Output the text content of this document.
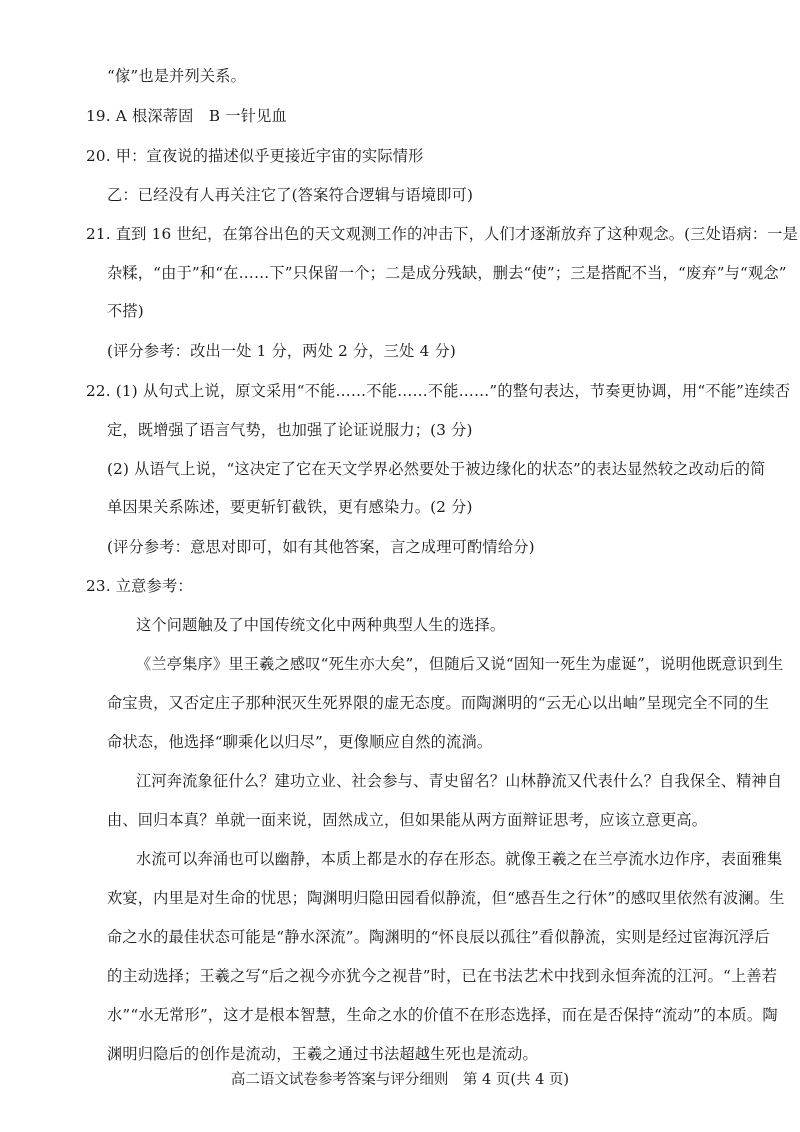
“傢”也是并列关系。
19. A 根深蒂固　B 一针见血
20. 甲：宣夜说的描述似乎更接近宇宙的实际情形
乙：已经没有人再关注它了(答案符合逻辑与语境即可)
21. 直到 16 世纪，在第谷出色的天文观测工作的冲击下，人们才逐渐放弃了这种观念。(三处语病：一是
杂糅，“由于”和“在……下”只保留一个；二是成分残缺，删去“使”；三是搭配不当，“废弃”与“观念”
不搭)
(评分参考：改出一处 1 分，两处 2 分，三处 4 分)
22. (1) 从句式上说，原文采用“不能……不能……不能……”的整句表达，节奏更协调，用“不能”连续否
定，既增强了语言气势，也加强了论证说服力；(3 分)
(2) 从语气上说，“这决定了它在天文学界必然要处于被边缘化的状态”的表达显然较之改动后的简
单因果关系陈述，要更斩钉截铁，更有感染力。(2 分)
(评分参考：意思对即可，如有其他答案，言之成理可酌情给分)
23. 立意参考：
这个问题触及了中国传统文化中两种典型人生的选择。
《兰亭集序》里王羲之感叹“死生亦大矣”，但随后又说“固知一死生为虚诞”，说明他既意识到生
命宝贵，又否定庄子那种泯灭生死界限的虚无态度。而陶渊明的“云无心以出岫”呈现完全不同的生
命状态，他选择“聊乘化以归尽”，更像顺应自然的流淌。
江河奔流象征什么？建功立业、社会参与、青史留名？山林静流又代表什么？自我保全、精神自
由、回归本真？单就一面来说，固然成立，但如果能从两方面辩证思考，应该立意更高。
水流可以奔涌也可以幽静，本质上都是水的存在形态。就像王羲之在兰亭流水边作序，表面雅集
欢宴，内里是对生命的忧思；陶渊明归隐田园看似静流，但“感吾生之行休”的感叹里依然有波澜。生
命之水的最佳状态可能是“静水深流”。陶渊明的“怀良辰以孤往”看似静流，实则是经过宦海沉浮后
的主动选择；王羲之写“后之视今亦犹今之视昔”时，已在书法艺术中找到永恒奔流的江河。“上善若
水”“水无常形”，这才是根本智慧，生命之水的价值不在形态选择，而在是否保持“流动”的本质。陶
渊明归隐后的创作是流动，王羲之通过书法超越生死也是流动。
高二语文试卷参考答案与评分细则　第 4 页(共 4 页)
